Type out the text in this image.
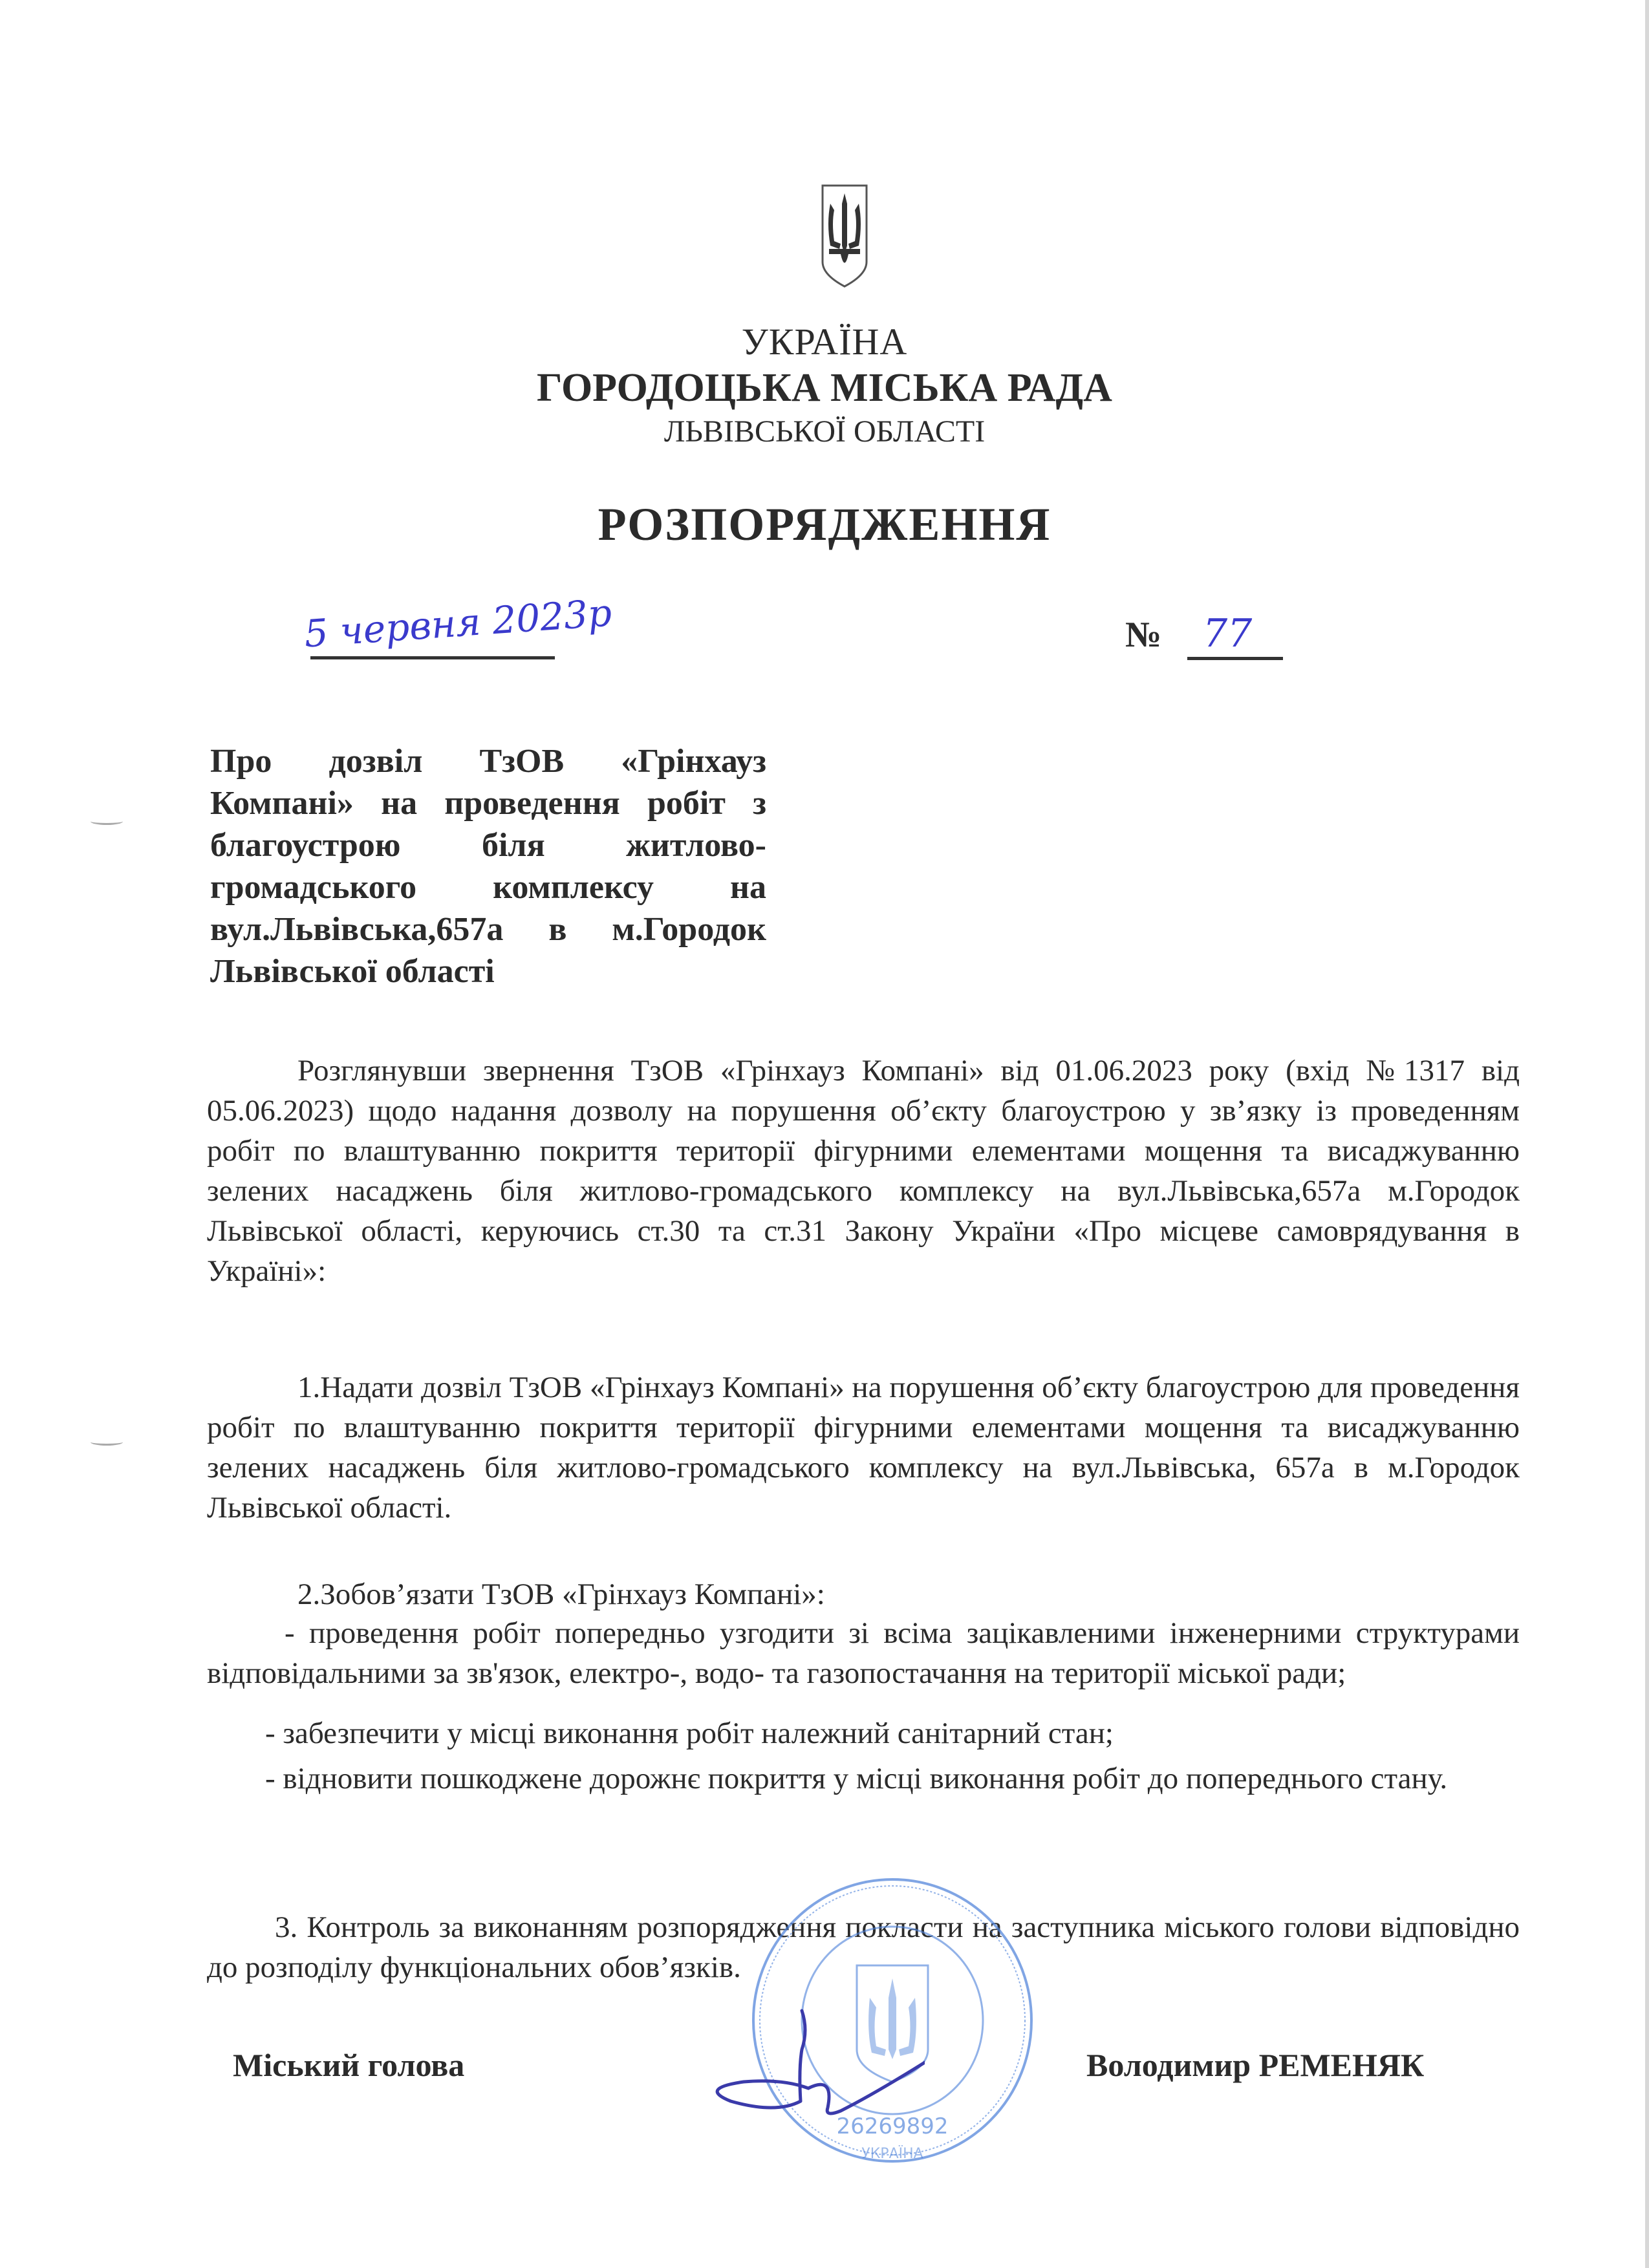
УКРАЇНА
ГОРОДОЦЬКА МІСЬКА РАДА
ЛЬВІВСЬКОЇ ОБЛАСТІ
РОЗПОРЯДЖЕННЯ
5 червня 2023р	№ 77
Про дозвіл ТзОВ «Грінхауз
Компані» на проведення робіт з
благоустрою біля житлово-
громадського комплексу на
вул.Львівська,657а в м.Городок
Львівської області

Розглянувши звернення ТзОВ «Грінхауз Компані» від 01.06.2023 року (вхід №1317 від 05.06.2023) щодо надання дозволу на порушення об’єкту благоустрою у зв’язку із проведенням робіт по влаштуванню покриття території фігурними елементами мощення та висаджуванню зелених насаджень біля житлово-громадського комплексу на вул.Львівська,657а м.Городок Львівської області, керуючись ст.30 та ст.31 Закону України «Про місцеве самоврядування в Україні»:

1.Надати дозвіл ТзОВ «Грінхауз Компані» на порушення об’єкту благоустрою для проведення робіт по влаштуванню покриття території фігурними елементами мощення та висаджуванню зелених насаджень біля житлово-громадського комплексу на вул.Львівська, 657а в м.Городок Львівської області.

2.Зобов’язати ТзОВ «Грінхауз Компані»:

- проведення робіт попередньо узгодити зі всіма зацікавленими інженерними структурами відповідальними за зв'язок, електро-, водо- та газопостачання на території міської ради;

- забезпечити у місці виконання робіт належний санітарний стан;

- відновити пошкоджене дорожнє покриття у місці виконання робіт до попереднього стану.

3. Контроль за виконанням розпорядження покласти на заступника міського голови відповідно до розподілу функціональних обов’язків.

26269892
УКРАЇНА
Міський голова	Володимир РЕМЕНЯК
